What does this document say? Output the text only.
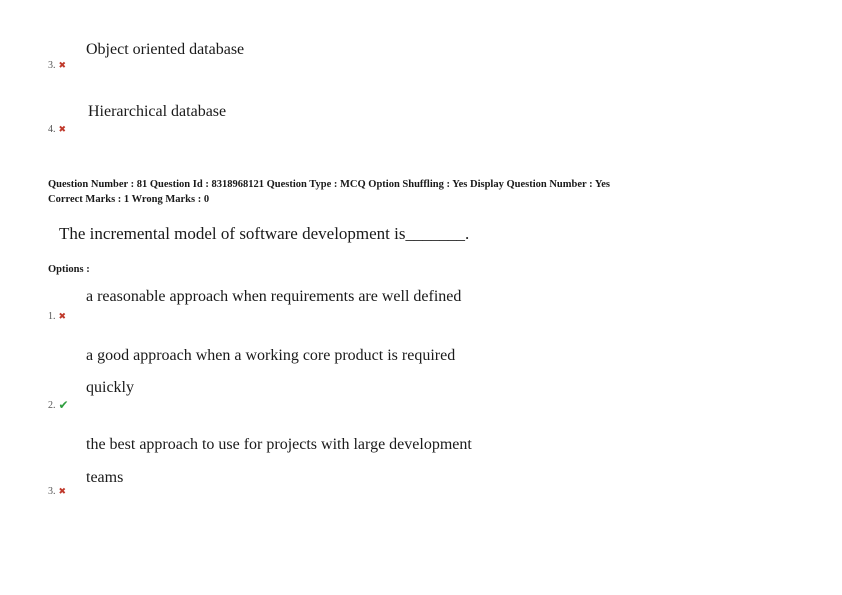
Object oriented database
3. ✖
Hierarchical database
4. ✖
Question Number : 81 Question Id : 8318968121 Question Type : MCQ Option Shuffling : Yes Display Question Number : Yes
Correct Marks : 1 Wrong Marks : 0
The incremental model of software development is_______.
Options :
a reasonable approach when requirements are well defined
1. ✖
a good approach when a working core product is required
quickly
2. ✔
the best approach to use for projects with large development
teams
3. ✖
